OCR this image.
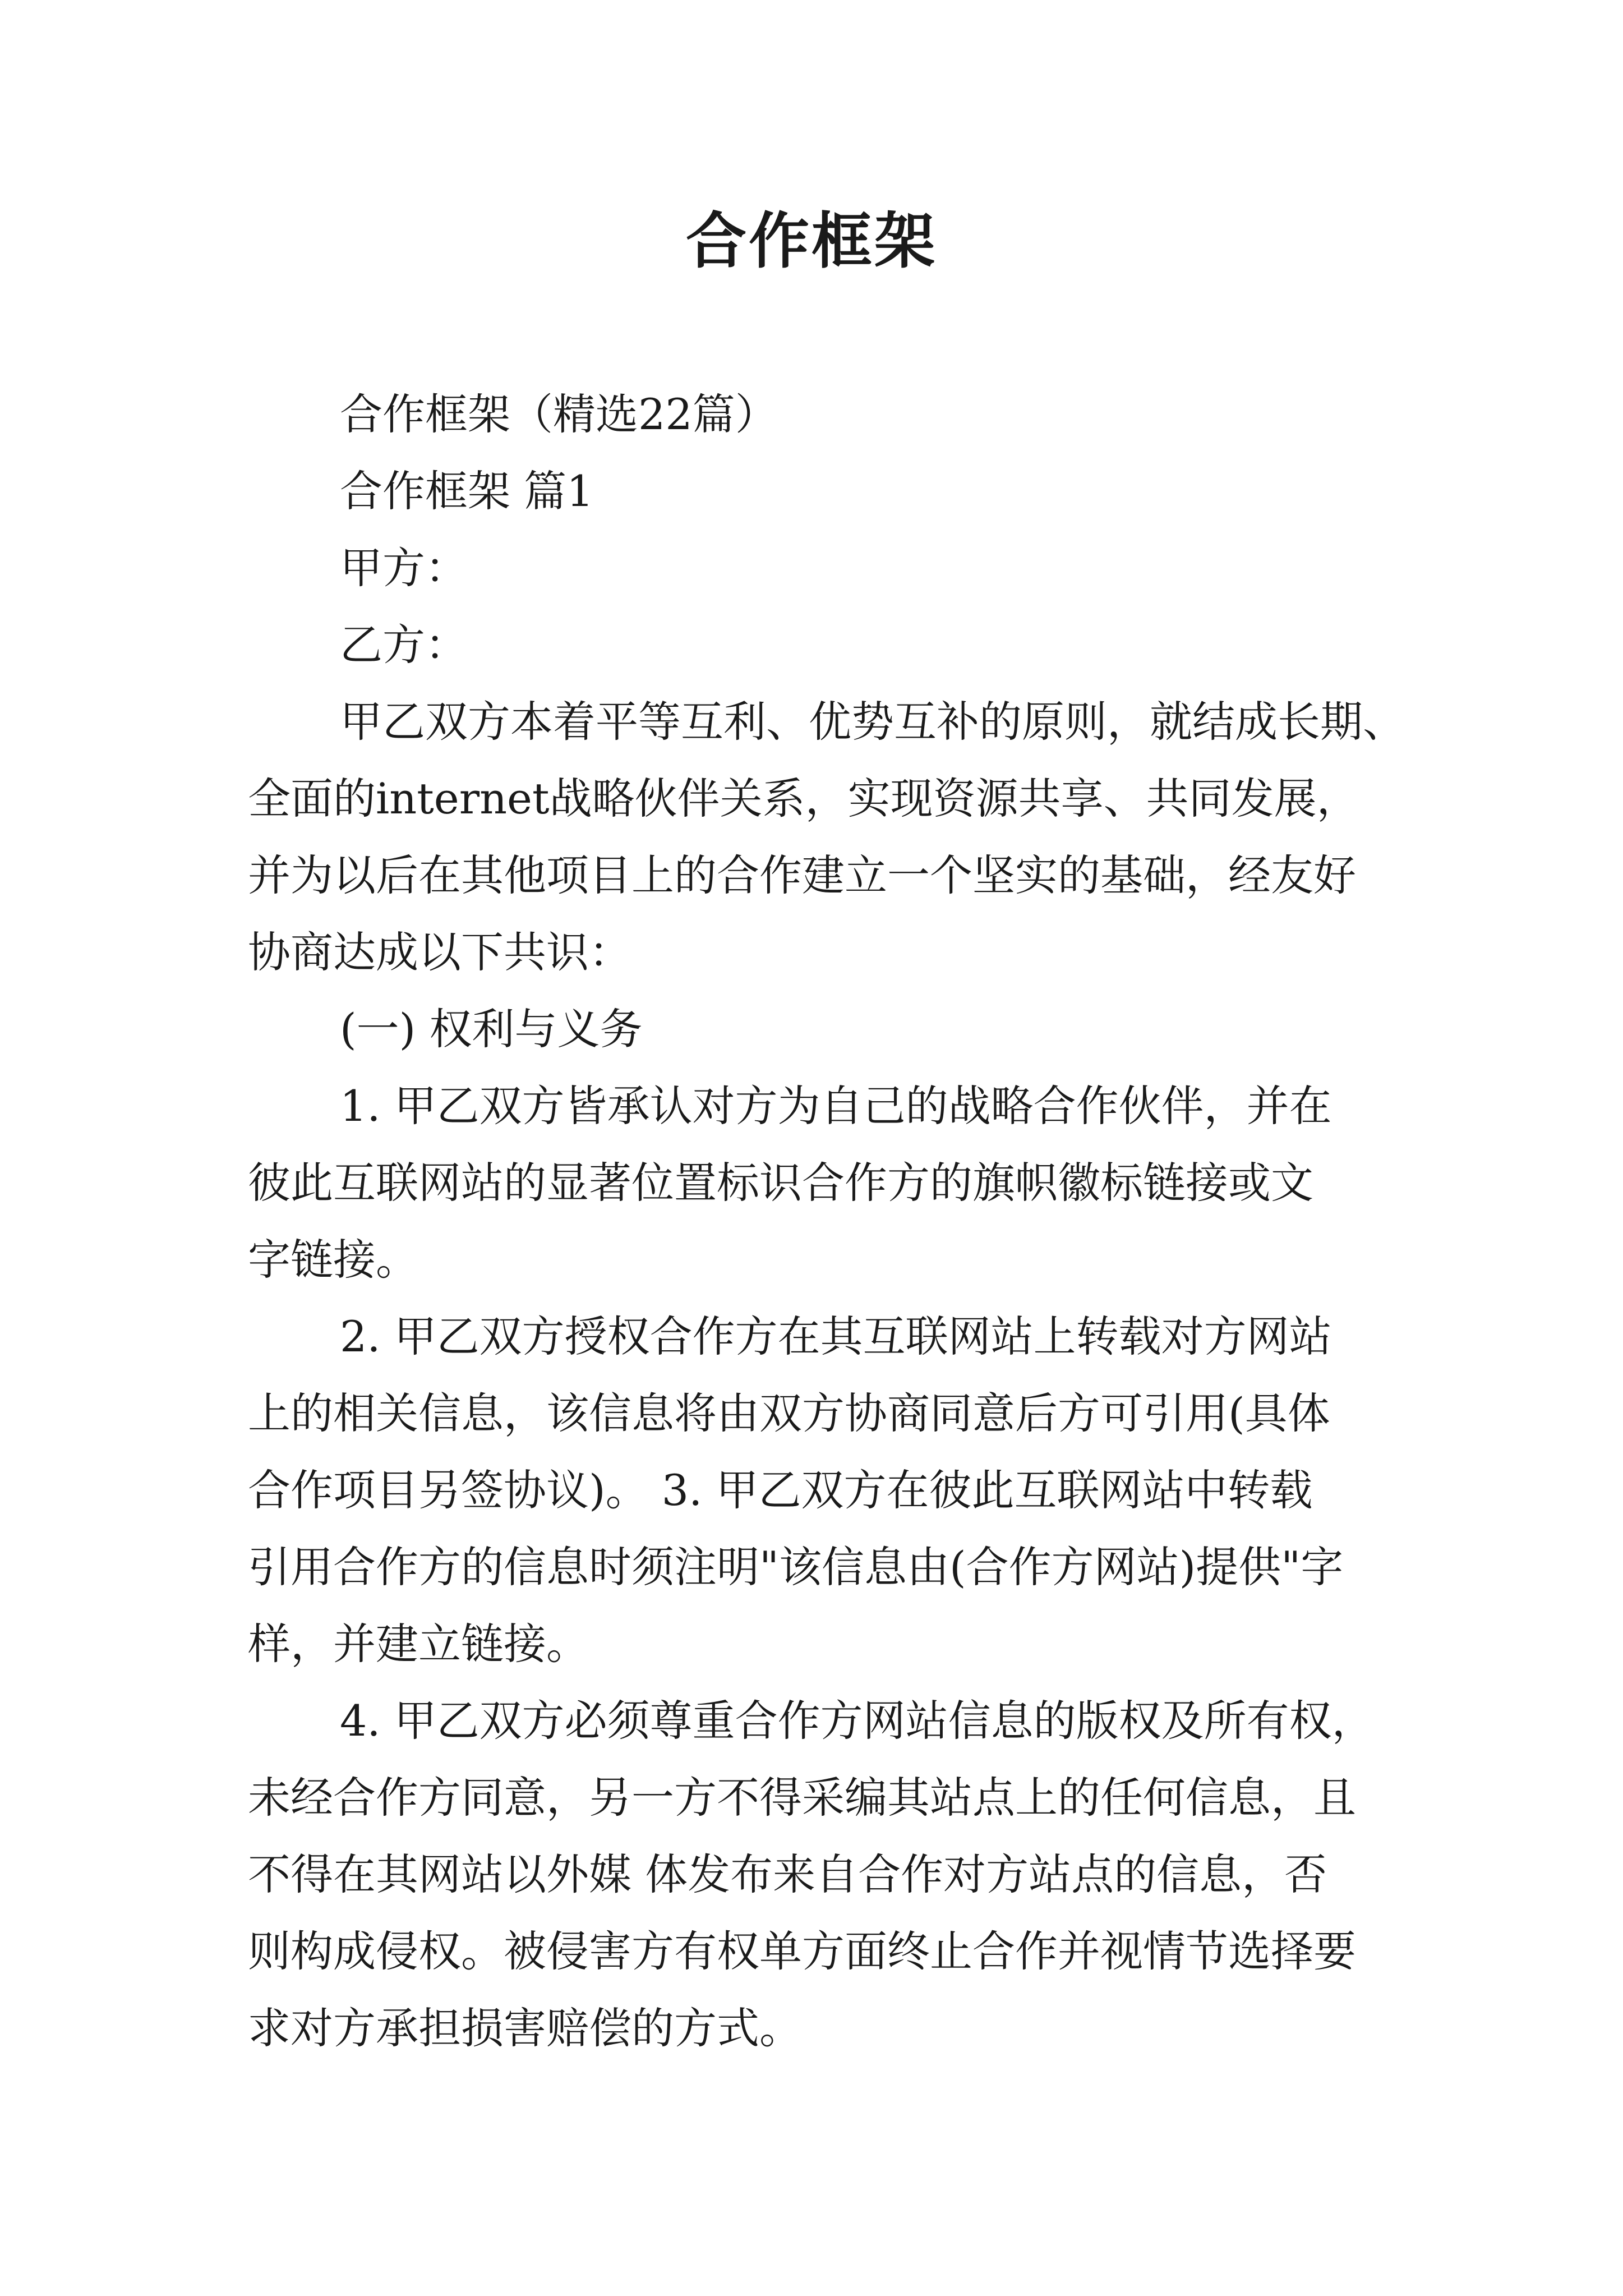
合作框架

合作框架（精选22篇）

合作框架 篇1

甲方：

乙方：

甲乙双方本着平等互利、优势互补的原则，就结成长期、

全面的internet战略伙伴关系，实现资源共享、共同发展，

并为以后在其他项目上的合作建立一个坚实的基础，经友好

协商达成以下共识：

(一) 权利与义务

1. 甲乙双方皆承认对方为自己的战略合作伙伴，并在

彼此互联网站的显著位置标识合作方的旗帜徽标链接或文

字链接。

2. 甲乙双方授权合作方在其互联网站上转载对方网站

上的相关信息，该信息将由双方协商同意后方可引用(具体

合作项目另签协议)。 3. 甲乙双方在彼此互联网站中转载

引用合作方的信息时须注明"该信息由(合作方网站)提供"字

样，并建立链接。

4. 甲乙双方必须尊重合作方网站信息的版权及所有权，

未经合作方同意，另一方不得采编其站点上的任何信息，且

不得在其网站以外媒 体发布来自合作对方站点的信息，否

则构成侵权。被侵害方有权单方面终止合作并视情节选择要

求对方承担损害赔偿的方式。
